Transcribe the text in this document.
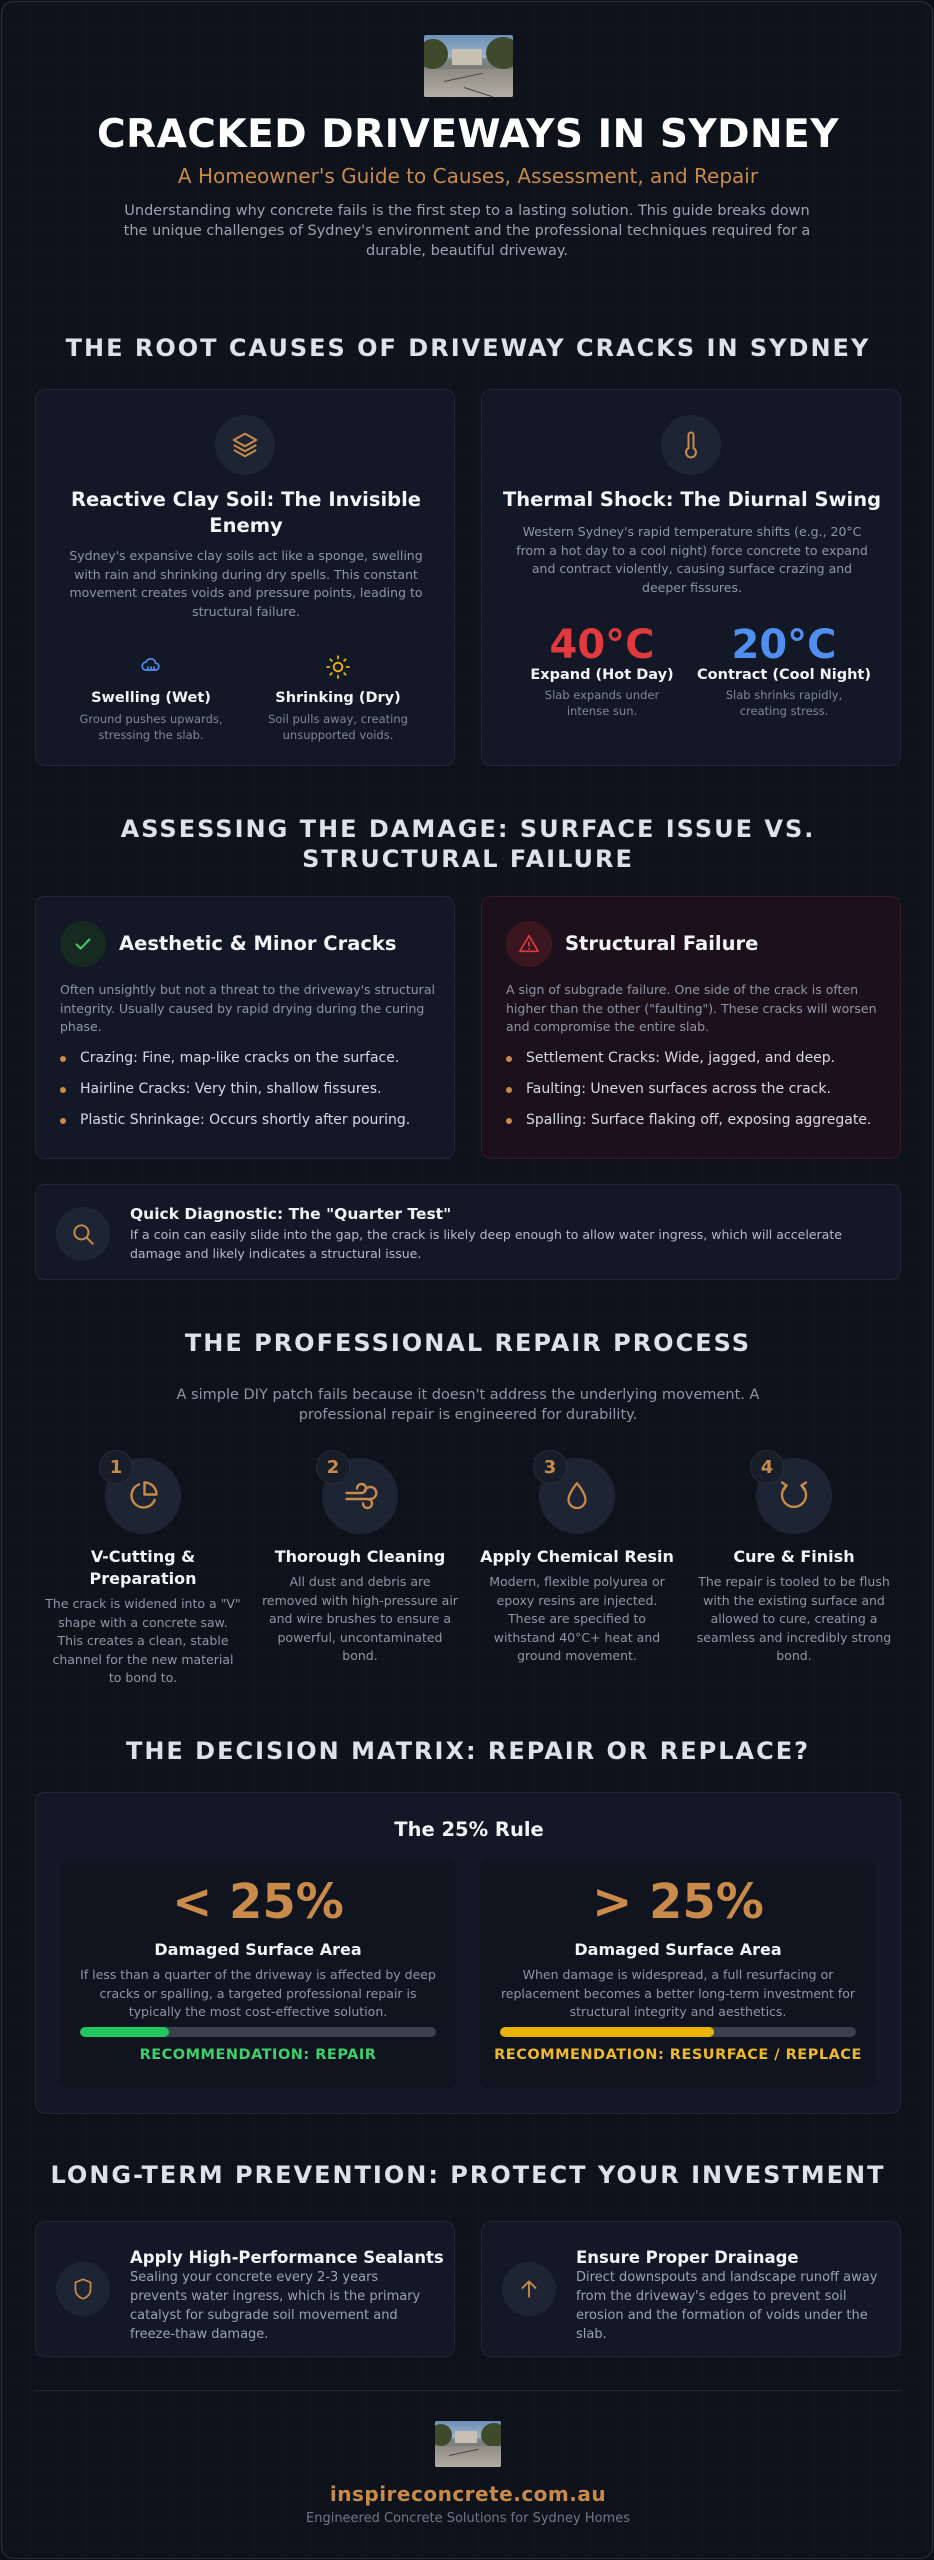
CRACKED DRIVEWAYS IN SYDNEY
A Homeowner's Guide to Causes, Assessment, and Repair
Understanding why concrete fails is the first step to a lasting solution. This guide breaks down the unique challenges of Sydney's environment and the professional techniques required for a durable, beautiful driveway.
THE ROOT CAUSES OF DRIVEWAY CRACKS IN SYDNEY
Reactive Clay Soil: The Invisible Enemy
Sydney's expansive clay soils act like a sponge, swelling with rain and shrinking during dry spells. This constant movement creates voids and pressure points, leading to structural failure.
Swelling (Wet)
Ground pushes upwards, stressing the slab.
Shrinking (Dry)
Soil pulls away, creating unsupported voids.
Thermal Shock: The Diurnal Swing
Western Sydney's rapid temperature shifts (e.g., 20°C from a hot day to a cool night) force concrete to expand and contract violently, causing surface crazing and deeper fissures.
40°C
Expand (Hot Day)
Slab expands under intense sun.
20°C
Contract (Cool Night)
Slab shrinks rapidly, creating stress.
ASSESSING THE DAMAGE: SURFACE ISSUE VS. STRUCTURAL FAILURE
Aesthetic & Minor Cracks
Often unsightly but not a threat to the driveway's structural integrity. Usually caused by rapid drying during the curing phase.
Crazing: Fine, map-like cracks on the surface.
Hairline Cracks: Very thin, shallow fissures.
Plastic Shrinkage: Occurs shortly after pouring.
Structural Failure
A sign of subgrade failure. One side of the crack is often higher than the other ("faulting"). These cracks will worsen and compromise the entire slab.
Settlement Cracks: Wide, jagged, and deep.
Faulting: Uneven surfaces across the crack.
Spalling: Surface flaking off, exposing aggregate.
Quick Diagnostic: The "Quarter Test"
If a coin can easily slide into the gap, the crack is likely deep enough to allow water ingress, which will accelerate damage and likely indicates a structural issue.
THE PROFESSIONAL REPAIR PROCESS
A simple DIY patch fails because it doesn't address the underlying movement. A professional repair is engineered for durability.
1
V-Cutting & Preparation
The crack is widened into a "V" shape with a concrete saw. This creates a clean, stable channel for the new material to bond to.
2
Thorough Cleaning
All dust and debris are removed with high-pressure air and wire brushes to ensure a powerful, uncontaminated bond.
3
Apply Chemical Resin
Modern, flexible polyurea or epoxy resins are injected. These are specified to withstand 40°C+ heat and ground movement.
4
Cure & Finish
The repair is tooled to be flush with the existing surface and allowed to cure, creating a seamless and incredibly strong bond.
THE DECISION MATRIX: REPAIR OR REPLACE?
The 25% Rule
< 25%
Damaged Surface Area
If less than a quarter of the driveway is affected by deep cracks or spalling, a targeted professional repair is typically the most cost-effective solution.
RECOMMENDATION: REPAIR
> 25%
Damaged Surface Area
When damage is widespread, a full resurfacing or replacement becomes a better long-term investment for structural integrity and aesthetics.
RECOMMENDATION: RESURFACE / REPLACE
LONG-TERM PREVENTION: PROTECT YOUR INVESTMENT
Apply High-Performance Sealants
Sealing your concrete every 2-3 years prevents water ingress, which is the primary catalyst for subgrade soil movement and freeze-thaw damage.
Ensure Proper Drainage
Direct downspouts and landscape runoff away from the driveway's edges to prevent soil erosion and the formation of voids under the slab.
inspireconcrete.com.au
Engineered Concrete Solutions for Sydney Homes
